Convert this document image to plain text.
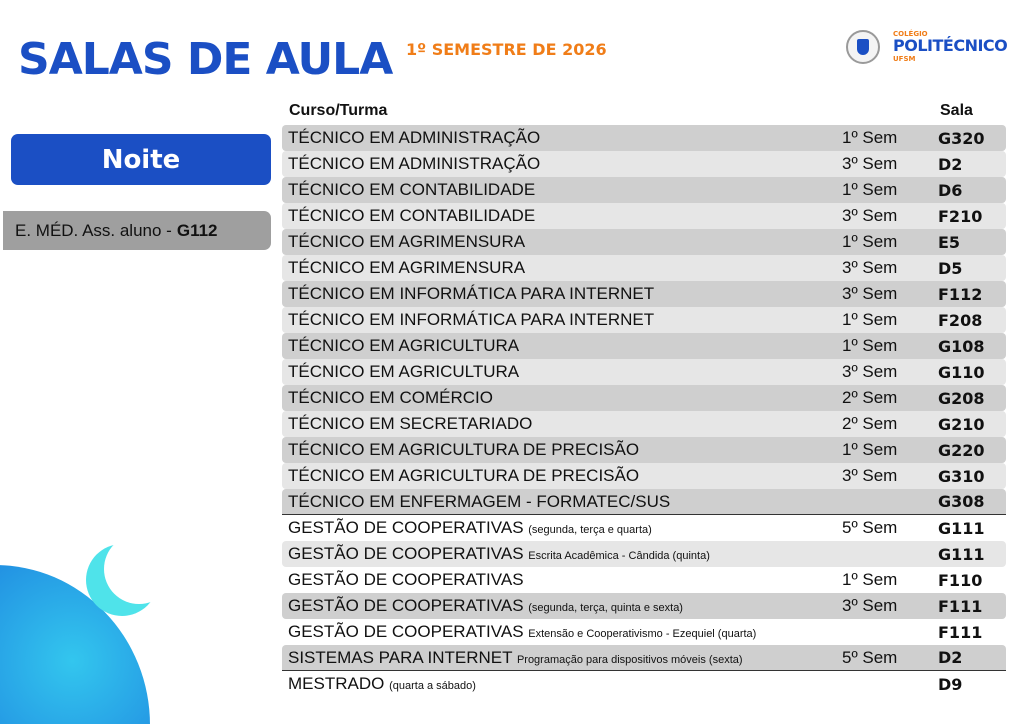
SALAS DE AULA 1º SEMESTRE DE 2026
COLÉGIO
POLITÉCNICO
UFSM
Noite
E. MÉD. Ass. aluno - G112
Curso/Turma	Sala
TÉCNICO EM ADMINISTRAÇÃO	1º Sem	G320
TÉCNICO EM ADMINISTRAÇÃO	3º Sem	D2
TÉCNICO EM CONTABILIDADE	1º Sem	D6
TÉCNICO EM CONTABILIDADE	3º Sem	F210
TÉCNICO EM AGRIMENSURA	1º Sem	E5
TÉCNICO EM AGRIMENSURA	3º Sem	D5
TÉCNICO EM INFORMÁTICA PARA INTERNET	3º Sem	F112
TÉCNICO EM INFORMÁTICA PARA INTERNET	1º Sem	F208
TÉCNICO EM AGRICULTURA	1º Sem	G108
TÉCNICO EM AGRICULTURA	3º Sem	G110
TÉCNICO EM COMÉRCIO	2º Sem	G208
TÉCNICO EM SECRETARIADO	2º Sem	G210
TÉCNICO EM AGRICULTURA DE PRECISÃO	1º Sem	G220
TÉCNICO EM AGRICULTURA DE PRECISÃO	3º Sem	G310
TÉCNICO EM ENFERMAGEM - FORMATEC/SUS	G308
GESTÃO DE COOPERATIVAS (segunda, terça e quarta)	5º Sem	G111
GESTÃO DE COOPERATIVAS Escrita Acadêmica - Cândida (quinta)	G111
GESTÃO DE COOPERATIVAS	1º Sem	F110
GESTÃO DE COOPERATIVAS (segunda, terça, quinta e sexta)	3º Sem	F111
GESTÃO DE COOPERATIVAS Extensão e Cooperativismo - Ezequiel (quarta)	F111
SISTEMAS PARA INTERNET Programação para dispositivos móveis (sexta)	5º Sem	D2
MESTRADO (quarta a sábado)	D9
